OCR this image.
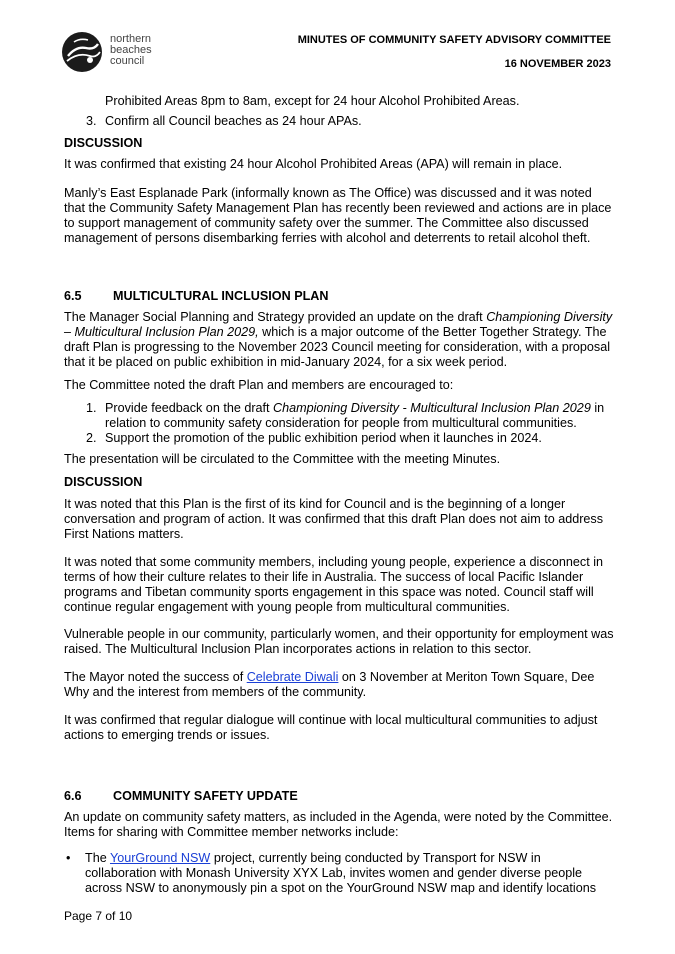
northern
beaches
council
MINUTES OF COMMUNITY SAFETY ADVISORY COMMITTEE
16 NOVEMBER 2023
Prohibited Areas 8pm to 8am, except for 24 hour Alcohol Prohibited Areas.
3. Confirm all Council beaches as 24 hour APAs.
DISCUSSION
It was confirmed that existing 24 hour Alcohol Prohibited Areas (APA) will remain in place.
Manly’s East Esplanade Park (informally known as The Office) was discussed and it was noted
that the Community Safety Management Plan has recently been reviewed and actions are in place
to support management of community safety over the summer. The Committee also discussed
management of persons disembarking ferries with alcohol and deterrents to retail alcohol theft.
6.5 MULTICULTURAL INCLUSION PLAN
The Manager Social Planning and Strategy provided an update on the draft Championing Diversity
– Multicultural Inclusion Plan 2029, which is a major outcome of the Better Together Strategy. The
draft Plan is progressing to the November 2023 Council meeting for consideration, with a proposal
that it be placed on public exhibition in mid-January 2024, for a six week period.
The Committee noted the draft Plan and members are encouraged to:
1. Provide feedback on the draft Championing Diversity - Multicultural Inclusion Plan 2029 in
relation to community safety consideration for people from multicultural communities.
2. Support the promotion of the public exhibition period when it launches in 2024.
The presentation will be circulated to the Committee with the meeting Minutes.
DISCUSSION
It was noted that this Plan is the first of its kind for Council and is the beginning of a longer
conversation and program of action. It was confirmed that this draft Plan does not aim to address
First Nations matters.
It was noted that some community members, including young people, experience a disconnect in
terms of how their culture relates to their life in Australia. The success of local Pacific Islander
programs and Tibetan community sports engagement in this space was noted. Council staff will
continue regular engagement with young people from multicultural communities.
Vulnerable people in our community, particularly women, and their opportunity for employment was
raised. The Multicultural Inclusion Plan incorporates actions in relation to this sector.
The Mayor noted the success of Celebrate Diwali on 3 November at Meriton Town Square, Dee
Why and the interest from members of the community.
It was confirmed that regular dialogue will continue with local multicultural communities to adjust
actions to emerging trends or issues.
6.6 COMMUNITY SAFETY UPDATE
An update on community safety matters, as included in the Agenda, were noted by the Committee.
Items for sharing with Committee member networks include:
• The YourGround NSW project, currently being conducted by Transport for NSW in
collaboration with Monash University XYX Lab, invites women and gender diverse people
across NSW to anonymously pin a spot on the YourGround NSW map and identify locations
Page 7 of 10
